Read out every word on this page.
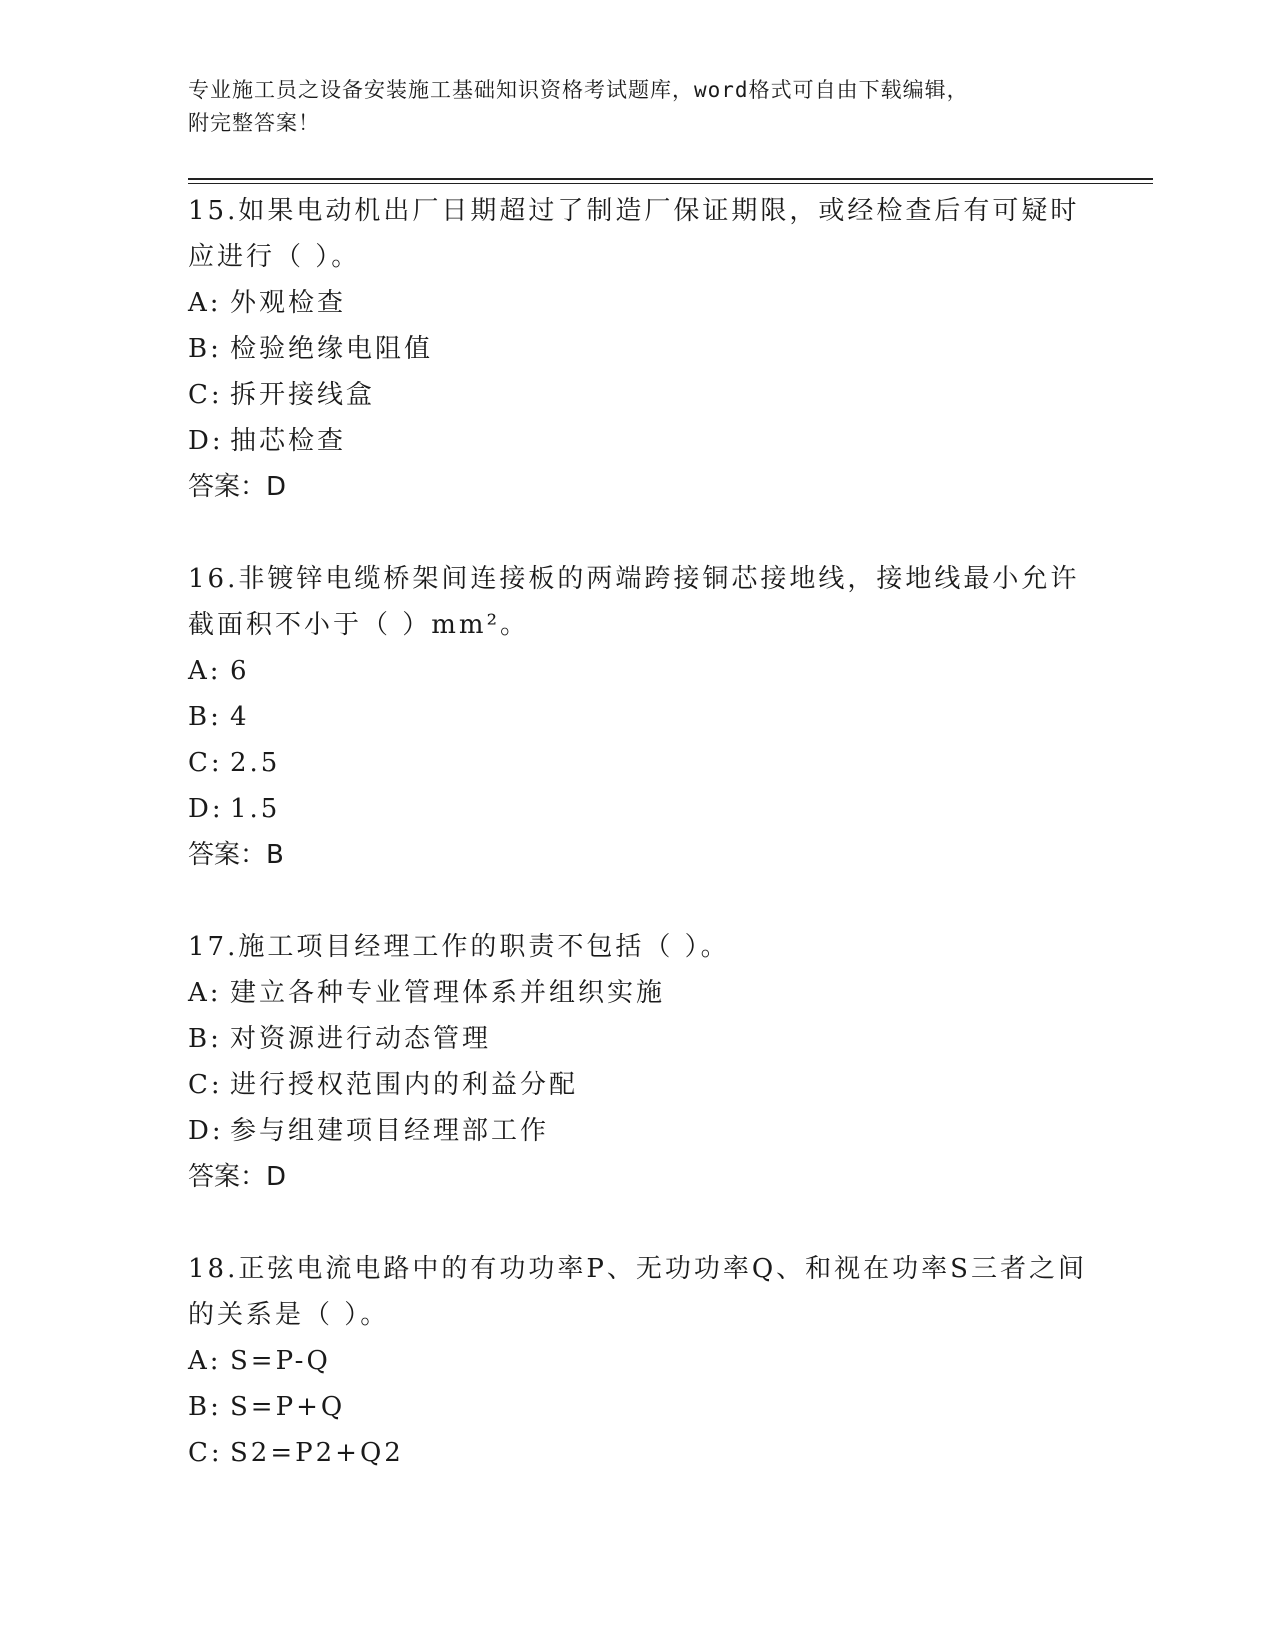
专业施工员之设备安装施工基础知识资格考试题库，word格式可自由下载编辑，
附完整答案！
15.如果电动机出厂日期超过了制造厂保证期限，或经检查后有可疑时应进行（ ）。
A: 外观检查
B: 检验绝缘电阻值
C: 拆开接线盒
D: 抽芯检查
答案：D
16.非镀锌电缆桥架间连接板的两端跨接铜芯接地线，接地线最小允许截面积不小于（ ）mm²。
A: 6
B: 4
C: 2.5
D: 1.5
答案：B
17.施工项目经理工作的职责不包括（ ）。
A: 建立各种专业管理体系并组织实施
B: 对资源进行动态管理
C: 进行授权范围内的利益分配
D: 参与组建项目经理部工作
答案：D
18.正弦电流电路中的有功功率P、无功功率Q、和视在功率S三者之间的关系是（ ）。
A: S=P-Q
B: S=P+Q
C: S2=P2+Q2
